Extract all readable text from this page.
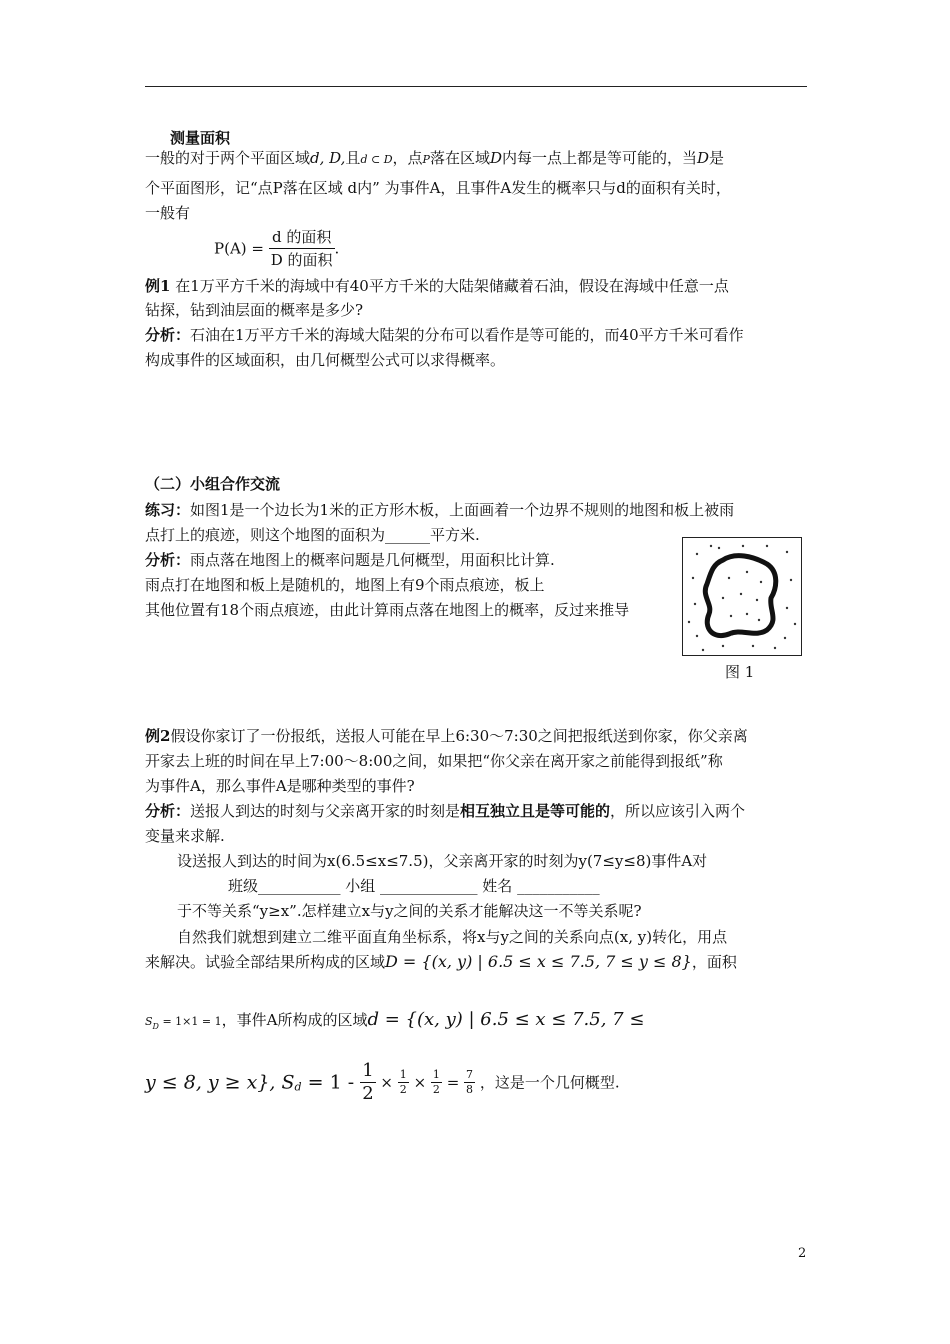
测量面积
一般的对于两个平面区域d, D,且d ⊂ D，点P落在区域D内每一点上都是等可能的，当D是
个平面图形，记“点P落在区域 d内” 为事件A，且事件A发生的概率只与d的面积有关时，
一般有
$P(A) = \frac{\text{d 的面积}}{\text{D 的面积}}$ .
例1 在1万平方千米的海域中有40平方千米的大陆架储藏着石油，假设在海域中任意一点
钻探，钻到油层面的概率是多少?
分析：石油在1万平方千米的海域大陆架的分布可以看作是等可能的，而40平方千米可看作
构成事件的区域面积，由几何概型公式可以求得概率。
（二）小组合作交流
练习：如图1是一个边长为1米的正方形木板，上面画着一个边界不规则的地图和板上被雨
点打上的痕迹，则这个地图的面积为______平方米.
分析：雨点落在地图上的概率问题是几何概型，用面积比计算.
雨点打在地图和板上是随机的，地图上有9个雨点痕迹，板上
其他位置有18个雨点痕迹，由此计算雨点落在地图上的概率，反过来推导
图 1
例2假设你家订了一份报纸，送报人可能在早上6:30～7:30之间把报纸送到你家，你父亲离
开家去上班的时间在早上7:00～8:00之间，如果把“你父亲在离开家之前能得到报纸”称
为事件A，那么事件A是哪种类型的事件?
分析：送报人到达的时刻与父亲离开家的时刻是相互独立且是等可能的，所以应该引入两个
变量来求解.
设送报人到达的时间为x(6.5≤x≤7.5)，父亲离开家的时刻为y(7≤y≤8)事件A对
班级___________ 小组 _____________ 姓名 ___________
于不等关系“y≥x”.怎样建立x与y之间的关系才能解决这一不等关系呢?
自然我们就想到建立二维平面直角坐标系，将x与y之间的关系向点(x, y)转化，用点
来解决。试验全部结果所构成的区域D = {(x, y) | 6.5 ≤ x ≤ 7.5, 7 ≤ y ≤ 8}，面积
$S_D = 1\times 1 = 1$，事件A所构成的区域d = {(x, y) | 6.5 ≤ x ≤ 7.5, 7 ≤
y ≤ 8, y ≥ x}, $S_d = 1 - \frac{1}{2} \times \frac{1}{2} \times \frac{1}{2} = \frac{7}{8}$ ，这是一个几何概型.
2
